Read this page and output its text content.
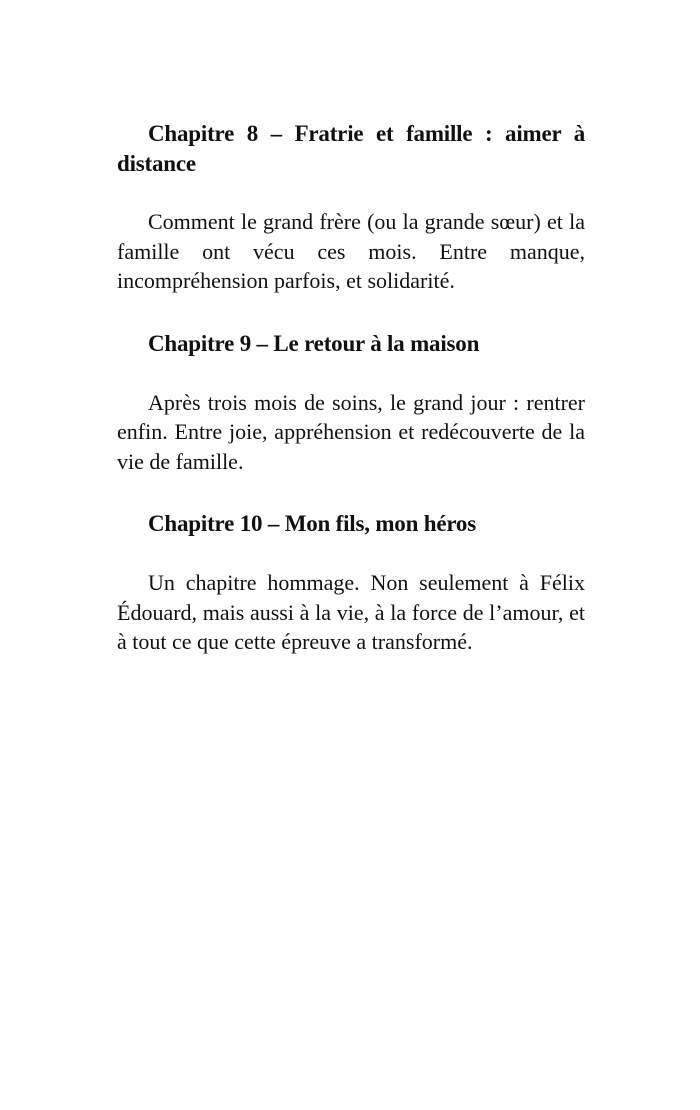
Chapitre 8 – Fratrie et famille : aimer à distance

Comment le grand frère (ou la grande sœur) et la famille ont vécu ces mois. Entre manque, incompréhension parfois, et solidarité.

Chapitre 9 – Le retour à la maison

Après trois mois de soins, le grand jour : rentrer enfin. Entre joie, appréhension et redécouverte de la vie de famille.

Chapitre 10 – Mon fils, mon héros

Un chapitre hommage. Non seulement à Félix Édouard, mais aussi à la vie, à la force de l’amour, et à tout ce que cette épreuve a transformé.
